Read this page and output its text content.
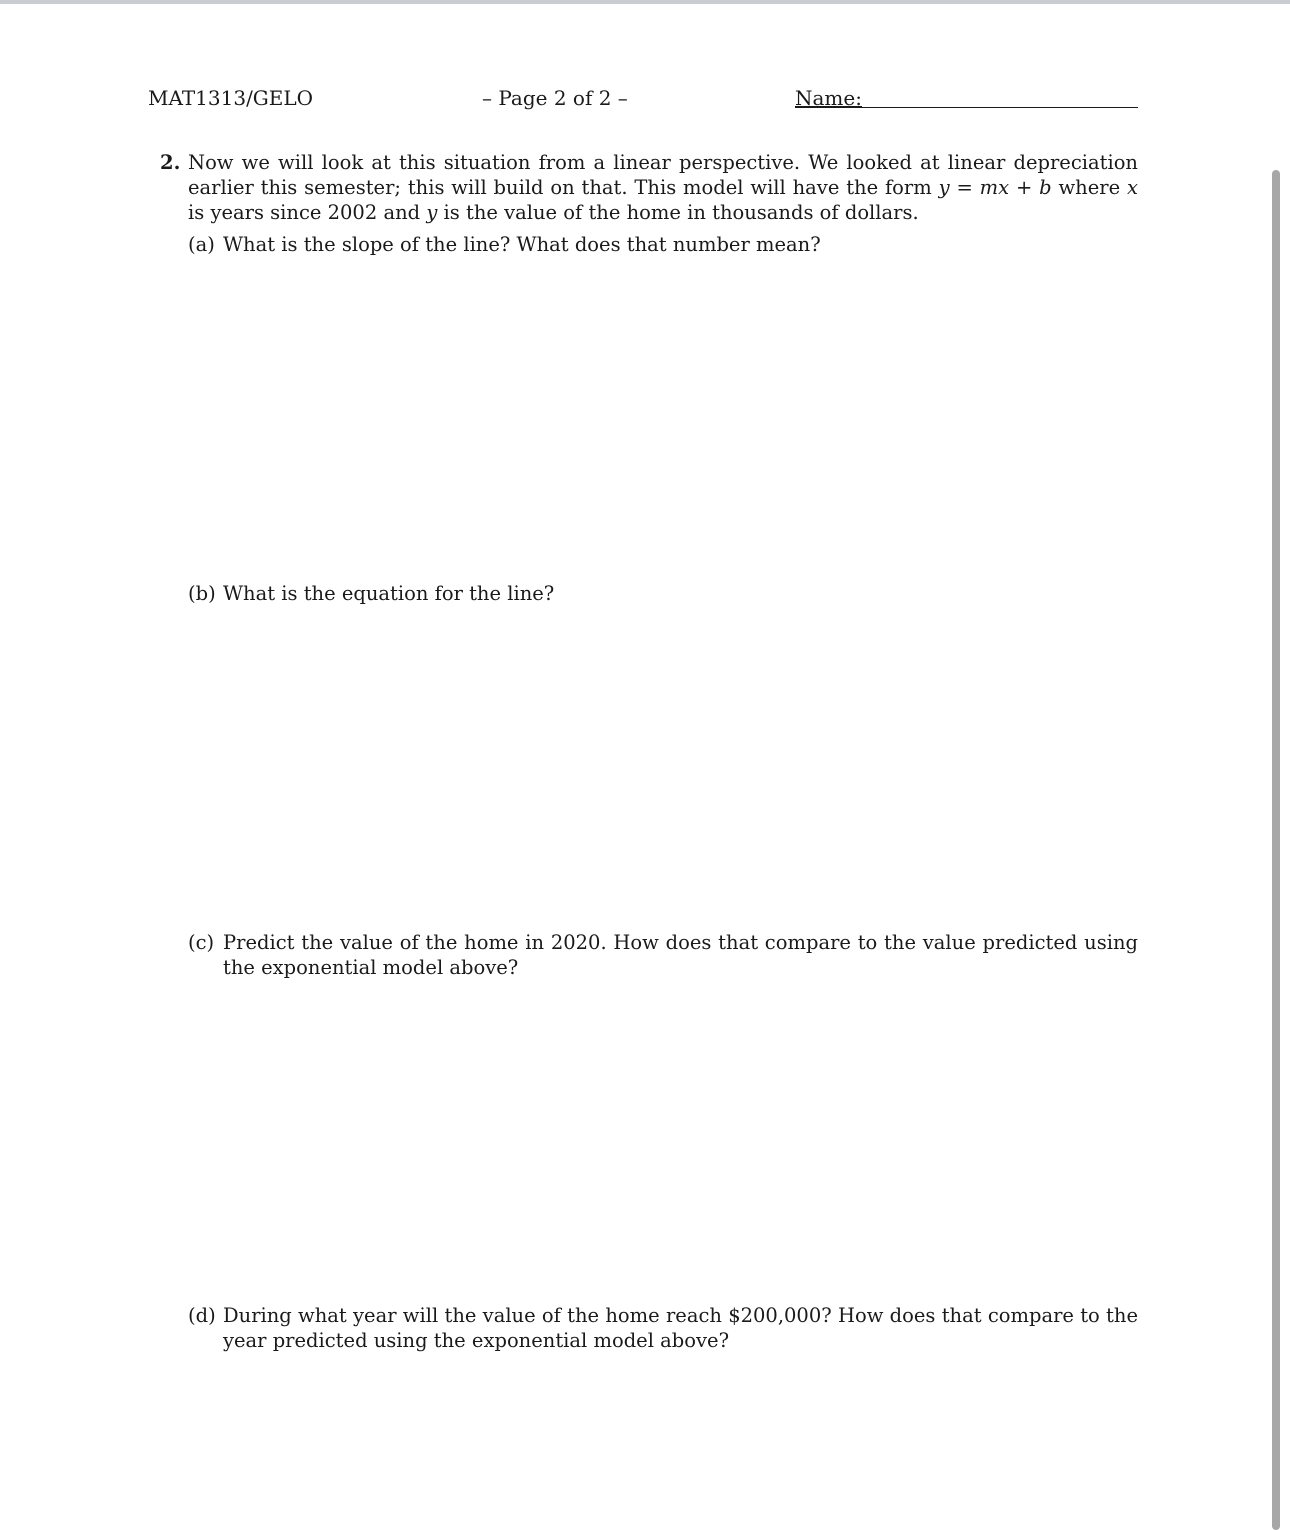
MAT1313/GELO	– Page 2 of 2 –	Name:
2. Now we will look at this situation from a linear perspective. We looked at linear depreciation earlier this semester; this will build on that. This model will have the form y = mx + b where x is years since 2002 and y is the value of the home in thousands of dollars.
(a) What is the slope of the line? What does that number mean?
(b) What is the equation for the line?
(c) Predict the value of the home in 2020. How does that compare to the value predicted using the exponential model above?
(d) During what year will the value of the home reach $200,000? How does that compare to the year predicted using the exponential model above?
